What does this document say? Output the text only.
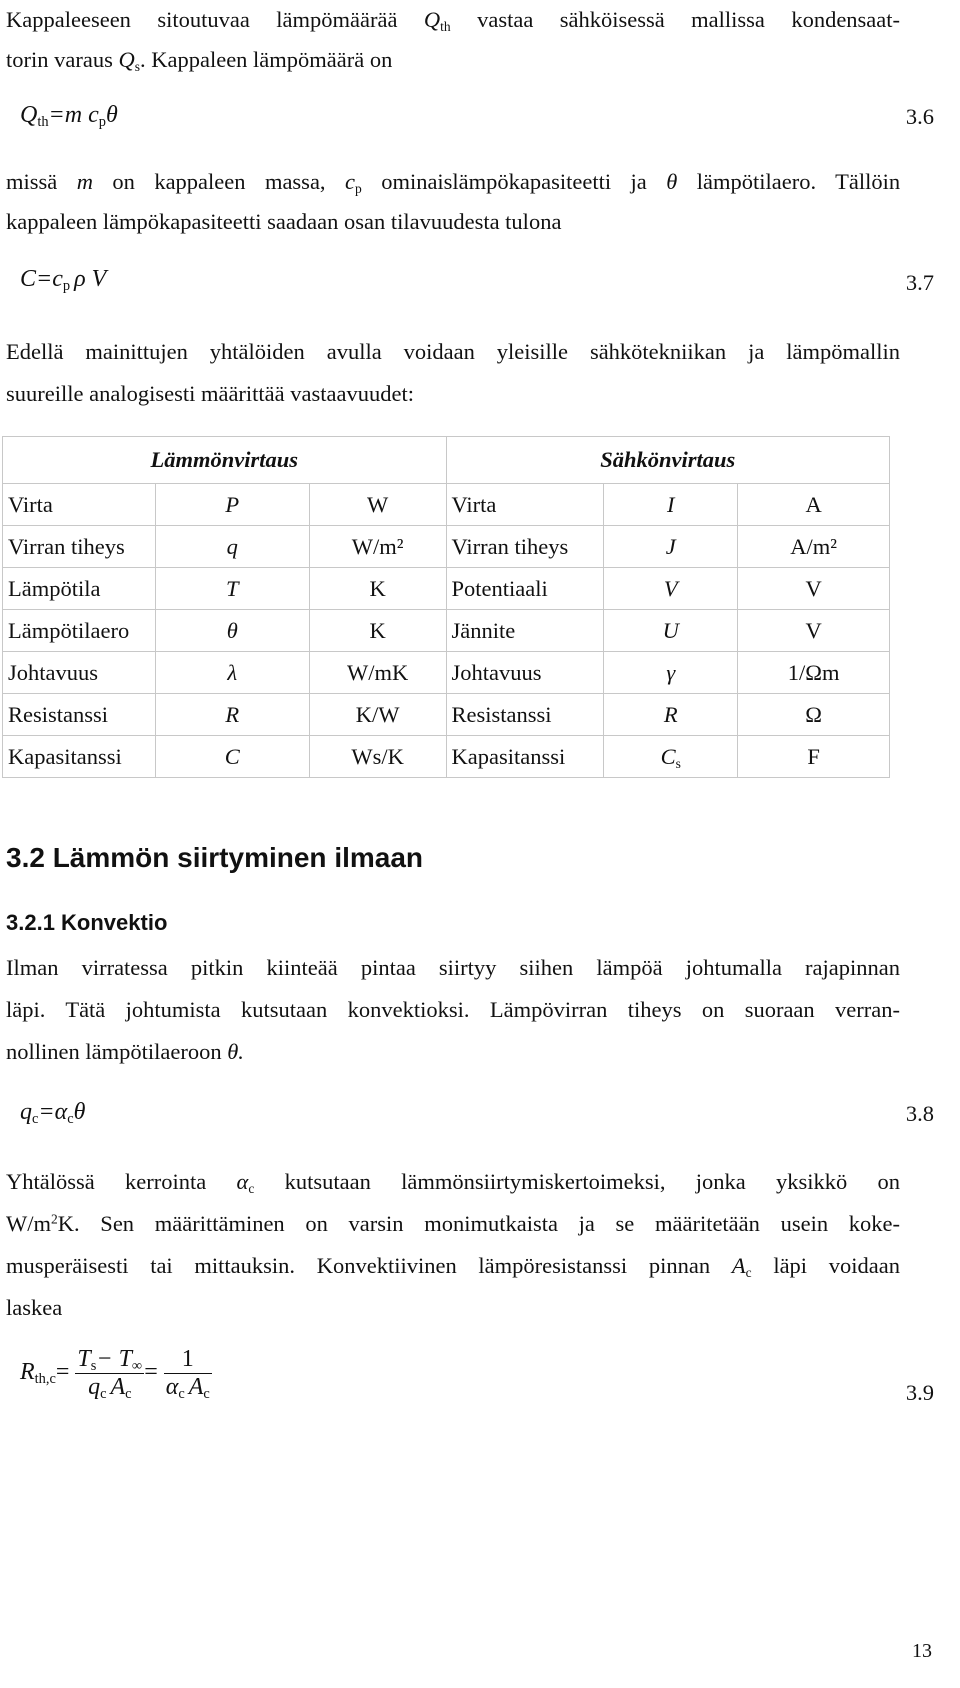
Kappaleeseen sitoutuvaa lämpömäärää $Q_{th}$ vastaa sähköisessä mallissa kondensaat-

torin varaus $Q_s$. Kappaleen lämpömäärä on

$Q_{th}=m$ $c_p\theta$	3.6

missä m on kappaleen massa, $c_p$ ominaislämpökapasiteetti ja θ lämpötilaero. Tällöin

kappaleen lämpökapasiteetti saadaan osan tilavuudesta tulona

$C=c_p$ ρ V	3.7

Edellä mainittujen yhtälöiden avulla voidaan yleisille sähkötekniikan ja lämpömallin

suureille analogisesti määrittää vastaavuudet:

Lämmönvirtaus			Sähkönvirtaus		
Virta	P	W	Virta	I	A
Virran tiheys	q	W/m²	Virran tiheys	J	A/m²
Lämpötila	T	K	Potentiaali	V	V
Lämpötilaero	θ	K	Jännite	U	V
Johtavuus	λ	W/mK	Johtavuus	γ	1/Ωm
Resistanssi	R	K/W	Resistanssi	R	Ω
Kapasitanssi	C	Ws/K	Kapasitanssi	$C_s$	F
3.2 Lämmön siirtyminen ilmaan
3.2.1 Konvektio

Ilman virratessa pitkin kiinteää pintaa siirtyy siihen lämpöä johtumalla rajapinnan

läpi. Tätä johtumista kutsutaan konvektioksi. Lämpövirran tiheys on suoraan verran-

nollinen lämpötilaeroon θ.

$q_c=\alpha_c\theta$	3.8

Yhtälössä kerrointa $\alpha_c$ kutsutaan lämmönsiirtymiskertoimeksi, jonka yksikkö on

$W/m^2K$. Sen määrittäminen on varsin monimutkaista ja se määritetään usein koke-

musperäisesti tai mittauksin. Konvektiivinen lämpöresistanssi pinnan $A_c$ läpi voidaan

laskea

$R_{th,c}= \frac{T_s- T_\infty}{q_c A_c} = \frac{1}{\alpha_c A_c}$	3.9
13
